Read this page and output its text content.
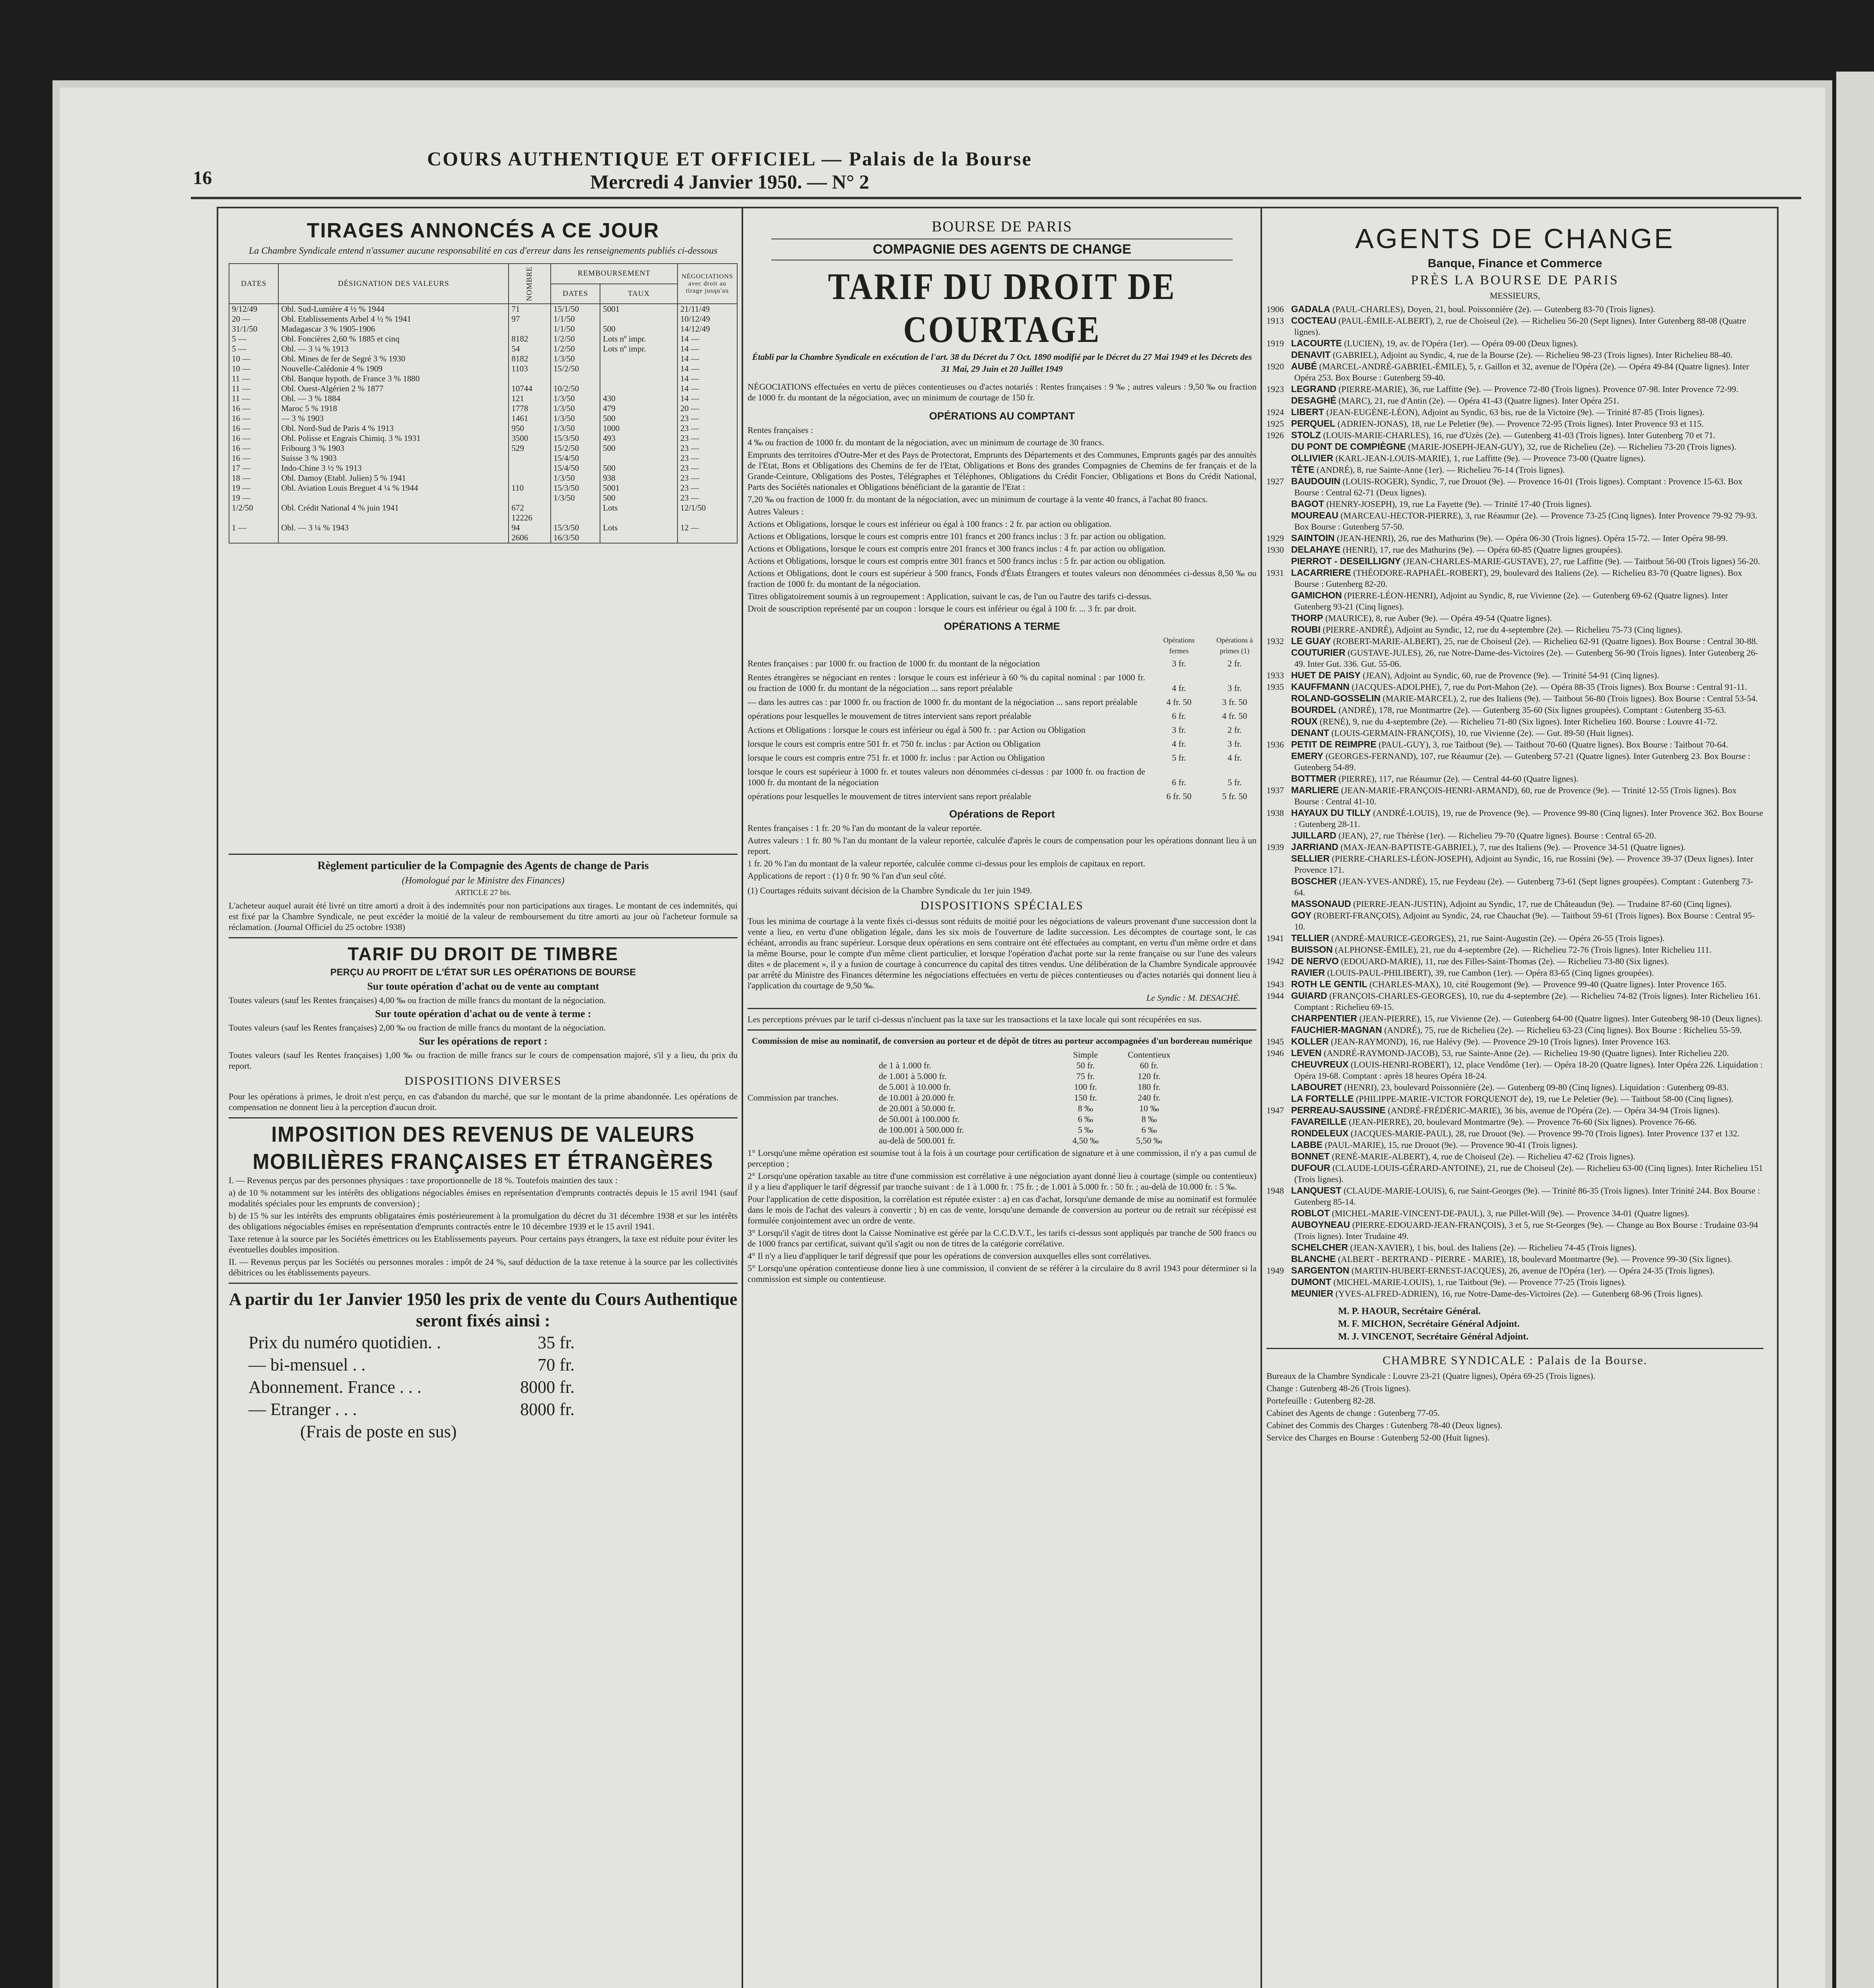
16
COURS AUTHENTIQUE ET OFFICIEL — Palais de la Bourse
Mercredi 4 Janvier 1950. — N° 2
TIRAGES ANNONCÉS A CE JOUR
La Chambre Syndicale entend n'assumer aucune responsabilité en cas d'erreur dans les renseignements publiés ci-dessous
DATES	DÉSIGNATION DES VALEURS	NOMBRE	REMBOURSEMENT		NÉGOCIATIONS avec droit au tirage jusqu'au
			DATES	TAUX	
9/12/49	Obl. Sud-Lumière 4 ½ % 1944	71	15/1/50	5001	21/11/49
20 —	Obl. Etablissements Arbel 4 ½ % 1941	97	1/1/50		10/12/49
31/1/50	Madagascar 3 % 1905-1906		1/1/50	500	14/12/49
5 —	Obl. Foncières 2,60 % 1885 et cinq	8182	1/2/50	Lots nº impr.	14 —
5 —	Obl. — 3 ¼ % 1913	54	1/2/50	Lots nº impr.	14 —
10 —	Obl. Mines de fer de Segré 3 % 1930	8182	1/3/50		14 —
10 —	Nouvelle-Calédonie 4 % 1909	1103	15/2/50		14 —
11 —	Obl. Banque hypoth. de France 3 % 1880				14 —
11 —	Obl. Ouest-Algérien 2 % 1877	10744	10/2/50		14 —
11 —	Obl. — 3 % 1884	121	1/3/50	430	14 —
16 —	Maroc 5 % 1918	1778	1/3/50	479	20 —
16 —	— 3 % 1903	1461	1/3/50	500	23 —
16 —	Obl. Nord-Sud de Paris 4 % 1913	950	1/3/50	1000	23 —
16 —	Obl. Polisse et Engrais Chimiq. 3 % 1931	3500	15/3/50	493	23 —
16 —	Fribourg 3 % 1903	529	15/2/50	500	23 —
16 —	Suisse 3 % 1903		15/4/50		23 —
17 —	Indo-Chine 3 ½ % 1913		15/4/50	500	23 —
18 —	Obl. Damoy (Etabl. Julien) 5 % 1941		1/3/50	938	23 —
19 —	Obl. Aviation Louis Breguet 4 ¼ % 1944	110	15/3/50	5001	23 —
19 —			1/3/50	500	23 —
1/2/50	Obl. Crédit National 4 % juin 1941	672		Lots	12/1/50
		12226			
1 —	Obl. — 3 ¼ % 1943	94	15/3/50	Lots	12 —
		2606	16/3/50		
Règlement particulier de la Compagnie des Agents de change de Paris
(Homologué par le Ministre des Finances)
ARTICLE 27 bis.
L'acheteur auquel aurait été livré un titre amorti a droit à des indemnités pour non participations aux tirages. Le montant de ces indemnités, qui est fixé par la Chambre Syndicale, ne peut excéder la moitié de la valeur de remboursement du titre amorti au jour où l'acheteur formule sa réclamation. (Journal Officiel du 25 octobre 1938)
TARIF DU DROIT DE TIMBRE
PERÇU AU PROFIT DE L'ÉTAT SUR LES OPÉRATIONS DE BOURSE
Sur toute opération d'achat ou de vente au comptant
Toutes valeurs (sauf les Rentes françaises) 4,00 ‰ ou fraction de mille francs du montant de la négociation.
Sur toute opération d'achat ou de vente à terme :
Toutes valeurs (sauf les Rentes françaises) 2,00 ‰ ou fraction de mille francs du montant de la négociation.
Sur les opérations de report :
Toutes valeurs (sauf les Rentes françaises) 1,00 ‰ ou fraction de mille francs sur le cours de compensation majoré, s'il y a lieu, du prix du report.
DISPOSITIONS DIVERSES
Pour les opérations à primes, le droit n'est perçu, en cas d'abandon du marché, que sur le montant de la prime abandonnée. Les opérations de compensation ne donnent lieu à la perception d'aucun droit.
IMPOSITION DES REVENUS DE VALEURS MOBILIÈRES FRANÇAISES ET ÉTRANGÈRES
I. — Revenus perçus par des personnes physiques : taxe proportionnelle de 18 %. Toutefois maintien des taux :
a) de 10 % notamment sur les intérêts des obligations négociables émises en représentation d'emprunts contractés depuis le 15 avril 1941 (sauf modalités spéciales pour les emprunts de conversion) ;
b) de 15 % sur les intérêts des emprunts obligataires émis postérieurement à la promulgation du décret du 31 décembre 1938 et sur les intérêts des obligations négociables émises en représentation d'emprunts contractés entre le 10 décembre 1939 et le 15 avril 1941.
Taxe retenue à la source par les Sociétés émettrices ou les Etablissements payeurs. Pour certains pays étrangers, la taxe est réduite pour éviter les éventuelles doubles imposition.
II. — Revenus perçus par les Sociétés ou personnes morales : impôt de 24 %, sauf déduction de la taxe retenue à la source par les collectivités débitrices ou les établissements payeurs.
A partir du 1er Janvier 1950 les prix de vente du Cours Authentique seront fixés ainsi :
Prix du numéro quotidien. .	35 fr.
— bi-mensuel . .	70 fr.
Abonnement. France . . .	8000 fr.
— Etranger . . .	8000 fr.
(Frais de poste en sus)
BOURSE DE PARIS
COMPAGNIE DES AGENTS DE CHANGE
TARIF DU DROIT DE COURTAGE
Établi par la Chambre Syndicale en exécution de l'art. 38 du Décret du 7 Oct. 1890 modifié par le Décret du 27 Mai 1949 et les Décrets des 31 Mai, 29 Juin et 20 Juillet 1949
NÉGOCIATIONS effectuées en vertu de pièces contentieuses ou d'actes notariés : Rentes françaises : 9 ‰ ; autres valeurs : 9,50 ‰ ou fraction de 1000 fr. du montant de la négociation, avec un minimum de courtage de 150 fr.
OPÉRATIONS AU COMPTANT
Rentes françaises :
4 ‰ ou fraction de 1000 fr. du montant de la négociation, avec un minimum de courtage de 30 francs.
Emprunts des territoires d'Outre-Mer et des Pays de Protectorat, Emprunts des Départements et des Communes, Emprunts gagés par des annuités de l'Etat, Bons et Obligations des Chemins de fer de l'Etat, Obligations et Bons des grandes Compagnies de Chemins de fer français et de la Grande-Ceinture, Obligations des Postes, Télégraphes et Téléphones, Obligations du Crédit Foncier, Obligations et Bons du Crédit National, Parts des Sociétés nationales et Obligations bénéficiant de la garantie de l'Etat :
7,20 ‰ ou fraction de 1000 fr. du montant de la négociation, avec un minimum de courtage à la vente 40 francs, à l'achat 80 francs.
Autres Valeurs :
Actions et Obligations, lorsque le cours est inférieur ou égal à 100 francs : 2 fr. par action ou obligation.
Actions et Obligations, lorsque le cours est compris entre 101 francs et 200 francs inclus : 3 fr. par action ou obligation.
Actions et Obligations, lorsque le cours est compris entre 201 francs et 300 francs inclus : 4 fr. par action ou obligation.
Actions et Obligations, lorsque le cours est compris entre 301 francs et 500 francs inclus : 5 fr. par action ou obligation.
Actions et Obligations, dont le cours est supérieur à 500 francs, Fonds d'États Étrangers et toutes valeurs non dénommées ci-dessus 8,50 ‰ ou fraction de 1000 fr. du montant de la négociation.
Titres obligatoirement soumis à un regroupement : Application, suivant le cas, de l'un ou l'autre des tarifs ci-dessus.
Droit de souscription représenté par un coupon : lorsque le cours est inférieur ou égal à 100 fr. ... 3 fr. par droit.
OPÉRATIONS A TERME
Opérations fermes
Opérations à primes (1)
Rentes françaises : par 1000 fr. ou fraction de 1000 fr. du montant de la négociation	3 fr.	2 fr.
Rentes étrangères se négociant en rentes : lorsque le cours est inférieur à 60 % du capital nominal : par 1000 fr. ou fraction de 1000 fr. du montant de la négociation ... sans report préalable	4 fr.	3 fr.
— dans les autres cas : par 1000 fr. ou fraction de 1000 fr. du montant de la négociation ... sans report préalable	4 fr. 50	3 fr. 50
opérations pour lesquelles le mouvement de titres intervient sans report préalable	6 fr.	4 fr. 50
Actions et Obligations : lorsque le cours est inférieur ou égal à 500 fr. : par Action ou Obligation	3 fr.	2 fr.
lorsque le cours est compris entre 501 fr. et 750 fr. inclus : par Action ou Obligation	4 fr.	3 fr.
lorsque le cours est compris entre 751 fr. et 1000 fr. inclus : par Action ou Obligation	5 fr.	4 fr.
lorsque le cours est supérieur à 1000 fr. et toutes valeurs non dénommées ci-dessus : par 1000 fr. ou fraction de 1000 fr. du montant de la négociation	6 fr.	5 fr.
opérations pour lesquelles le mouvement de titres intervient sans report préalable	6 fr. 50	5 fr. 50
Opérations de Report
Rentes françaises : 1 fr. 20 % l'an du montant de la valeur reportée.
Autres valeurs : 1 fr. 80 % l'an du montant de la valeur reportée, calculée d'après le cours de compensation pour les opérations donnant lieu à un report.
1 fr. 20 % l'an du montant de la valeur reportée, calculée comme ci-dessus pour les emplois de capitaux en report.
Applications de report : (1) 0 fr. 90 % l'an d'un seul côté.
(1) Courtages réduits suivant décision de la Chambre Syndicale du 1er juin 1949.
DISPOSITIONS SPÉCIALES
Tous les minima de courtage à la vente fixés ci-dessus sont réduits de moitié pour les négociations de valeurs provenant d'une succession dont la vente a lieu, en vertu d'une obligation légale, dans les six mois de l'ouverture de ladite succession. Les décomptes de courtage sont, le cas échéant, arrondis au franc supérieur. Lorsque deux opérations en sens contraire ont été effectuées au comptant, en vertu d'un même ordre et dans la même Bourse, pour le compte d'un même client particulier, et lorsque l'opération d'achat porte sur la rente française ou sur l'une des valeurs dites « de placement », il y a fusion de courtage à concurrence du capital des titres vendus. Une délibération de la Chambre Syndicale approuvée par arrêté du Ministre des Finances détermine les négociations effectuées en vertu de pièces contentieuses ou d'actes notariés qui donnent lieu à l'application du courtage de 9,50 ‰.
Le Syndic : M. DESACHÉ.
Les perceptions prévues par le tarif ci-dessus n'incluent pas la taxe sur les transactions et la taxe locale qui sont récupérées en sus.
Commission de mise au nominatif, de conversion au porteur et de dépôt de titres au porteur accompagnées d'un bordereau numérique
Commission par tranches.
Simple	Contentieux
de 1 à 1.000 fr.	50 fr.	60 fr.
de 1.001 à 5.000 fr.	75 fr.	120 fr.
de 5.001 à 10.000 fr.	100 fr.	180 fr.
de 10.001 à 20.000 fr.	150 fr.	240 fr.
de 20.001 à 50.000 fr.	8 ‰	10 ‰
de 50.001 à 100.000 fr.	6 ‰	8 ‰
de 100.001 à 500.000 fr.	5 ‰	6 ‰
au-delà de 500.001 fr.	4,50 ‰	5,50 ‰
1° Lorsqu'une même opération est soumise tout à la fois à un courtage pour certification de signature et à une commission, il n'y a pas cumul de perception ;
2° Lorsqu'une opération taxable au titre d'une commission est corrélative à une négociation ayant donné lieu à courtage (simple ou contentieux) il y a lieu d'appliquer le tarif dégressif par tranche suivant : de 1 à 1.000 fr. : 75 fr. ; de 1.001 à 5.000 fr. : 50 fr. ; au-delà de 10.000 fr. : 5 ‰.
Pour l'application de cette disposition, la corrélation est réputée exister : a) en cas d'achat, lorsqu'une demande de mise au nominatif est formulée dans le mois de l'achat des valeurs à convertir ; b) en cas de vente, lorsqu'une demande de conversion au porteur ou de retrait sur récépissé est formulée conjointement avec un ordre de vente.
3° Lorsqu'il s'agit de titres dont la Caisse Nominative est gérée par la C.C.D.V.T., les tarifs ci-dessus sont appliqués par tranche de 500 francs ou de 1000 francs par certificat, suivant qu'il s'agit ou non de titres de la catégorie corrélative.
4° Il n'y a lieu d'appliquer le tarif dégressif que pour les opérations de conversion auxquelles elles sont corrélatives.
5° Lorsqu'une opération contentieuse donne lieu à une commission, il convient de se référer à la circulaire du 8 avril 1943 pour déterminer si la commission est simple ou contentieuse.
AGENTS DE CHANGE
Banque, Finance et Commerce
PRÈS LA BOURSE DE PARIS
MESSIEURS,

1906 GADALA (PAUL-CHARLES), Doyen, 21, boul. Poissonnière (2e). — Gutenberg 83-70 (Trois lignes).

1913 COCTEAU (PAUL-ÉMILE-ALBERT), 2, rue de Choiseul (2e). — Richelieu 56-20 (Sept lignes). Inter Gutenberg 88-08 (Quatre lignes).

1919 LACOURTE (LUCIEN), 19, av. de l'Opéra (1er). — Opéra 09-00 (Deux lignes).

DENAVIT (GABRIEL), Adjoint au Syndic, 4, rue de la Bourse (2e). — Richelieu 98-23 (Trois lignes). Inter Richelieu 88-40.

1920 AUBÉ (MARCEL-ANDRÉ-GABRIEL-ÉMILE), 5, r. Gaillon et 32, avenue de l'Opéra (2e). — Opéra 49-84 (Quatre lignes). Inter Opéra 253. Box Bourse : Gutenberg 59-40.

1923 LEGRAND (PIERRE-MARIE), 36, rue Laffitte (9e). — Provence 72-80 (Trois lignes). Provence 07-98. Inter Provence 72-99.

DESAGHÉ (MARC), 21, rue d'Antin (2e). — Opéra 41-43 (Quatre lignes). Inter Opéra 251.

1924 LIBERT (JEAN-EUGÈNE-LÉON), Adjoint au Syndic, 63 bis, rue de la Victoire (9e). — Trinité 87-85 (Trois lignes).

1925 PERQUEL (ADRIEN-JONAS), 18, rue Le Peletier (9e). — Provence 72-95 (Trois lignes). Inter Provence 93 et 115.

1926 STOLZ (LOUIS-MARIE-CHARLES), 16, rue d'Uzès (2e). — Gutenberg 41-03 (Trois lignes). Inter Gutenberg 70 et 71.

DU PONT DE COMPIÈGNE (MARIE-JOSEPH-JEAN-GUY), 32, rue de Richelieu (2e). — Richelieu 73-20 (Trois lignes).

OLLIVIER (KARL-JEAN-LOUIS-MARIE), 1, rue Laffitte (9e). — Provence 73-00 (Quatre lignes).

TÊTE (ANDRÉ), 8, rue Sainte-Anne (1er). — Richelieu 76-14 (Trois lignes).

1927 BAUDOUIN (LOUIS-ROGER), Syndic, 7, rue Drouot (9e). — Provence 16-01 (Trois lignes). Comptant : Provence 15-63. Box Bourse : Central 62-71 (Deux lignes).

BAGOT (HENRY-JOSEPH), 19, rue La Fayette (9e). — Trinité 17-40 (Trois lignes).

MOUREAU (MARCEAU-HECTOR-PIERRE), 3, rue Réaumur (2e). — Provence 73-25 (Cinq lignes). Inter Provence 79-92 79-93. Box Bourse : Gutenberg 57-50.

1929 SAINTOIN (JEAN-HENRI), 26, rue des Mathurins (9e). — Opéra 06-30 (Trois lignes). Opéra 15-72. — Inter Opéra 98-99.

1930 DELAHAYE (HENRI), 17, rue des Mathurins (9e). — Opéra 60-85 (Quatre lignes groupées).

PIERROT - DESEILLIGNY (JEAN-CHARLES-MARIE-GUSTAVE), 27, rue Laffitte (9e). — Taitbout 56-00 (Trois lignes) 56-20.

1931 LACARRIERE (THÉODORE-RAPHAËL-ROBERT), 29, boulevard des Italiens (2e). — Richelieu 83-70 (Quatre lignes). Box Bourse : Gutenberg 82-20.

GAMICHON (PIERRE-LÉON-HENRI), Adjoint au Syndic, 8, rue Vivienne (2e). — Gutenberg 69-62 (Quatre lignes). Inter Gutenberg 93-21 (Cinq lignes).

THORP (MAURICE), 8, rue Auber (9e). — Opéra 49-54 (Quatre lignes).

ROUBI (PIERRE-ANDRÉ), Adjoint au Syndic, 12, rue du 4-septembre (2e). — Richelieu 75-73 (Cinq lignes).

1932 LE GUAY (ROBERT-MARIE-ALBERT), 25, rue de Choiseul (2e). — Richelieu 62-91 (Quatre lignes). Box Bourse : Central 30-88.

COUTURIER (GUSTAVE-JULES), 26, rue Notre-Dame-des-Victoires (2e). — Gutenberg 56-90 (Trois lignes). Inter Gutenberg 26-49. Inter Gut. 336. Gut. 55-06.

1933 HUET DE PAISY (JEAN), Adjoint au Syndic, 60, rue de Provence (9e). — Trinité 54-91 (Cinq lignes).

1935 KAUFFMANN (JACQUES-ADOLPHE), 7, rue du Port-Mahon (2e). — Opéra 88-35 (Trois lignes). Box Bourse : Central 91-11.

ROLAND-GOSSELIN (MARIE-MARCEL), 2, rue des Italiens (9e). — Taitbout 56-80 (Trois lignes). Box Bourse : Central 53-54.

BOURDEL (ANDRÉ), 178, rue Montmartre (2e). — Gutenberg 35-60 (Six lignes groupées). Comptant : Gutenberg 35-63.

ROUX (RENÉ), 9, rue du 4-septembre (2e). — Richelieu 71-80 (Six lignes). Inter Richelieu 160. Bourse : Louvre 41-72.

DENANT (LOUIS-GERMAIN-FRANÇOIS), 10, rue Vivienne (2e). — Gut. 89-50 (Huit lignes).

1936 PETIT DE REIMPRE (PAUL-GUY), 3, rue Taitbout (9e). — Taitbout 70-60 (Quatre lignes). Box Bourse : Taitbout 70-64.

EMERY (GEORGES-FERNAND), 107, rue Réaumur (2e). — Gutenberg 57-21 (Quatre lignes). Inter Gutenberg 23. Box Bourse : Gutenberg 54-89.

BOTTMER (PIERRE), 117, rue Réaumur (2e). — Central 44-60 (Quatre lignes).

1937 MARLIERE (JEAN-MARIE-FRANÇOIS-HENRI-ARMAND), 60, rue de Provence (9e). — Trinité 12-55 (Trois lignes). Box Bourse : Central 41-10.

1938 HAYAUX DU TILLY (ANDRÉ-LOUIS), 19, rue de Provence (9e). — Provence 99-80 (Cinq lignes). Inter Provence 362. Box Bourse : Gutenberg 28-11.

JUILLARD (JEAN), 27, rue Thérèse (1er). — Richelieu 79-70 (Quatre lignes). Bourse : Central 65-20.

1939 JARRIAND (MAX-JEAN-BAPTISTE-GABRIEL), 7, rue des Italiens (9e). — Provence 34-51 (Quatre lignes).

SELLIER (PIERRE-CHARLES-LÉON-JOSEPH), Adjoint au Syndic, 16, rue Rossini (9e). — Provence 39-37 (Deux lignes). Inter Provence 171.

BOSCHER (JEAN-YVES-ANDRÉ), 15, rue Feydeau (2e). — Gutenberg 73-61 (Sept lignes groupées). Comptant : Gutenberg 73-64.

MASSONAUD (PIERRE-JEAN-JUSTIN), Adjoint au Syndic, 17, rue de Châteaudun (9e). — Trudaine 87-60 (Cinq lignes).

GOY (ROBERT-FRANÇOIS), Adjoint au Syndic, 24, rue Chauchat (9e). — Taitbout 59-61 (Trois lignes). Box Bourse : Central 95-10.

1941 TELLIER (ANDRÉ-MAURICE-GEORGES), 21, rue Saint-Augustin (2e). — Opéra 26-55 (Trois lignes).

BUISSON (ALPHONSE-ÉMILE), 21, rue du 4-septembre (2e). — Richelieu 72-76 (Trois lignes). Inter Richelieu 111.

1942 DE NERVO (EDOUARD-MARIE), 11, rue des Filles-Saint-Thomas (2e). — Richelieu 73-80 (Six lignes).

RAVIER (LOUIS-PAUL-PHILIBERT), 39, rue Cambon (1er). — Opéra 83-65 (Cinq lignes groupées).

1943 ROTH LE GENTIL (CHARLES-MAX), 10, cité Rougemont (9e). — Provence 99-40 (Quatre lignes). Inter Provence 165.

1944 GUIARD (FRANÇOIS-CHARLES-GEORGES), 10, rue du 4-septembre (2e). — Richelieu 74-82 (Trois lignes). Inter Richelieu 161. Comptant : Richelieu 69-15.

CHARPENTIER (JEAN-PIERRE), 15, rue Vivienne (2e). — Gutenberg 64-00 (Quatre lignes). Inter Gutenberg 98-10 (Deux lignes).

FAUCHIER-MAGNAN (ANDRÉ), 75, rue de Richelieu (2e). — Richelieu 63-23 (Cinq lignes). Box Bourse : Richelieu 55-59.

1945 KOLLER (JEAN-RAYMOND), 16, rue Halévy (9e). — Provence 29-10 (Trois lignes). Inter Provence 163.

1946 LEVEN (ANDRÉ-RAYMOND-JACOB), 53, rue Sainte-Anne (2e). — Richelieu 19-90 (Quatre lignes). Inter Richelieu 220.

CHEUVREUX (LOUIS-HENRI-ROBERT), 12, place Vendôme (1er). — Opéra 18-20 (Quatre lignes). Inter Opéra 226. Liquidation : Opéra 19-68. Comptant : après 18 heures Opéra 18-24.

LABOURET (HENRI), 23, boulevard Poissonnière (2e). — Gutenberg 09-80 (Cinq lignes). Liquidation : Gutenberg 09-83.

LA FORTELLE (PHILIPPE-MARIE-VICTOR FORQUENOT de), 19, rue Le Peletier (9e). — Taitbout 58-00 (Cinq lignes).

1947 PERREAU-SAUSSINE (ANDRÉ-FRÉDÉRIC-MARIE), 36 bis, avenue de l'Opéra (2e). — Opéra 34-94 (Trois lignes).

FAVAREILLE (JEAN-PIERRE), 20, boulevard Montmartre (9e). — Provence 76-60 (Six lignes). Provence 76-66.

RONDELEUX (JACQUES-MARIE-PAUL), 28, rue Drouot (9e). — Provence 99-70 (Trois lignes). Inter Provence 137 et 132.

LABBE (PAUL-MARIE), 15, rue Drouot (9e). — Provence 90-41 (Trois lignes).

BONNET (RENÉ-MARIE-ALBERT), 4, rue de Choiseul (2e). — Richelieu 47-62 (Trois lignes).

DUFOUR (CLAUDE-LOUIS-GÉRARD-ANTOINE), 21, rue de Choiseul (2e). — Richelieu 63-00 (Cinq lignes). Inter Richelieu 151 (Trois lignes).

1948 LANQUEST (CLAUDE-MARIE-LOUIS), 6, rue Saint-Georges (9e). — Trinité 86-35 (Trois lignes). Inter Trinité 244. Box Bourse : Gutenberg 85-14.

ROBLOT (MICHEL-MARIE-VINCENT-DE-PAUL), 3, rue Pillet-Will (9e). — Provence 34-01 (Quatre lignes).

AUBOYNEAU (PIERRE-EDOUARD-JEAN-FRANÇOIS), 3 et 5, rue St-Georges (9e). — Change au Box Bourse : Trudaine 03-94 (Trois lignes). Inter Trudaine 49.

SCHELCHER (JEAN-XAVIER), 1 bis, boul. des Italiens (2e). — Richelieu 74-45 (Trois lignes).

BLANCHE (ALBERT - BERTRAND - PIERRE - MARIE), 18, boulevard Montmartre (9e). — Provence 99-30 (Six lignes).

1949 SARGENTON (MARTIN-HUBERT-ERNEST-JACQUES), 26, avenue de l'Opéra (1er). — Opéra 24-35 (Trois lignes).

DUMONT (MICHEL-MARIE-LOUIS), 1, rue Taitbout (9e). — Provence 77-25 (Trois lignes).

MEUNIER (YVES-ALFRED-ADRIEN), 16, rue Notre-Dame-des-Victoires (2e). — Gutenberg 68-96 (Trois lignes).

M. P. HAOUR, Secrétaire Général.
M. F. MICHON, Secrétaire Général Adjoint.
M. J. VINCENOT, Secrétaire Général Adjoint.
CHAMBRE SYNDICALE : Palais de la Bourse.
Bureaux de la Chambre Syndicale : Louvre 23-21 (Quatre lignes), Opéra 69-25 (Trois lignes).
Change : Gutenberg 48-26 (Trois lignes).
Portefeuille : Gutenberg 82-28.
Cabinet des Agents de change : Gutenberg 77-05.
Cabinet des Commis des Charges : Gutenberg 78-40 (Deux lignes).
Service des Charges en Bourse : Gutenberg 52-00 (Huit lignes).
